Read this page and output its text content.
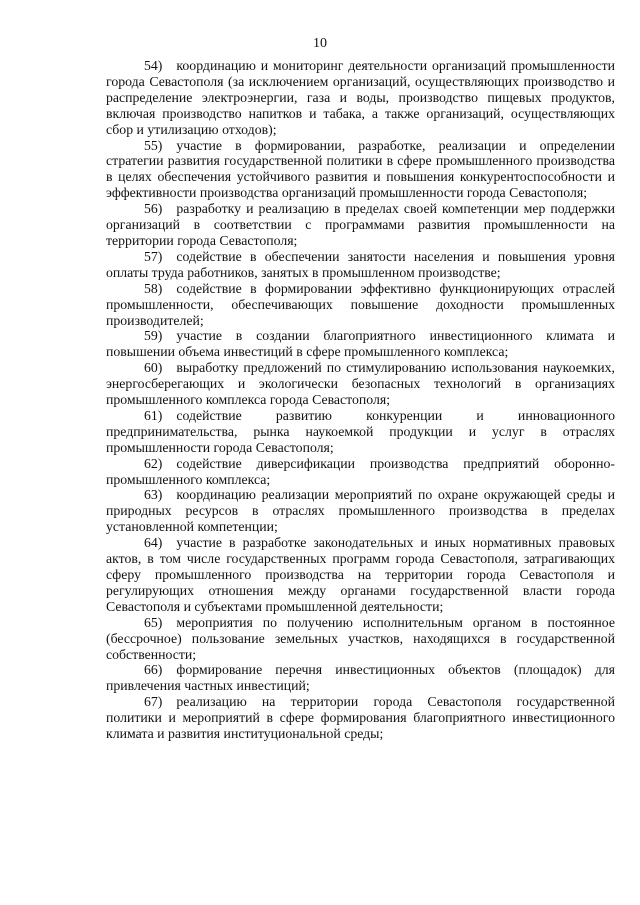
10

54) координацию и мониторинг деятельности организаций промышленности города Севастополя (за исключением организаций, осуществляющих производство и распределение электроэнергии, газа и воды, производство пищевых продуктов, включая производство напитков и табака, а также организаций, осуществляющих сбор и утилизацию отходов);

55) участие в формировании, разработке, реализации и определении стратегии развития государственной политики в сфере промышленного производства в целях обеспечения устойчивого развития и повышения конкурентоспособности и эффективности производства организаций промышленности города Севастополя;

56) разработку и реализацию в пределах своей компетенции мер поддержки организаций в соответствии с программами развития промышленности на территории города Севастополя;

57) содействие в обеспечении занятости населения и повышения уровня оплаты труда работников, занятых в промышленном производстве;

58) содействие в формировании эффективно функционирующих отраслей промышленности, обеспечивающих повышение доходности промышленных производителей;

59) участие в создании благоприятного инвестиционного климата и повышении объема инвестиций в сфере промышленного комплекса;

60) выработку предложений по стимулированию использования наукоемких, энергосберегающих и экологически безопасных технологий в организациях промышленного комплекса города Севастополя;

61) содействие развитию конкуренции и инновационного предпринимательства, рынка наукоемкой продукции и услуг в отраслях промышленности города Севастополя;

62) содействие диверсификации производства предприятий оборонно-промышленного комплекса;

63) координацию реализации мероприятий по охране окружающей среды и природных ресурсов в отраслях промышленного производства в пределах установленной компетенции;

64) участие в разработке законодательных и иных нормативных правовых актов, в том числе государственных программ города Севастополя, затрагивающих сферу промышленного производства на территории города Севастополя и регулирующих отношения между органами государственной власти города Севастополя и субъектами промышленной деятельности;

65) мероприятия по получению исполнительным органом в постоянное (бессрочное) пользование земельных участков, находящихся в государственной собственности;

66) формирование перечня инвестиционных объектов (площадок) для привлечения частных инвестиций;

67) реализацию на территории города Севастополя государственной политики и мероприятий в сфере формирования благоприятного инвестиционного климата и развития институциональной среды;
